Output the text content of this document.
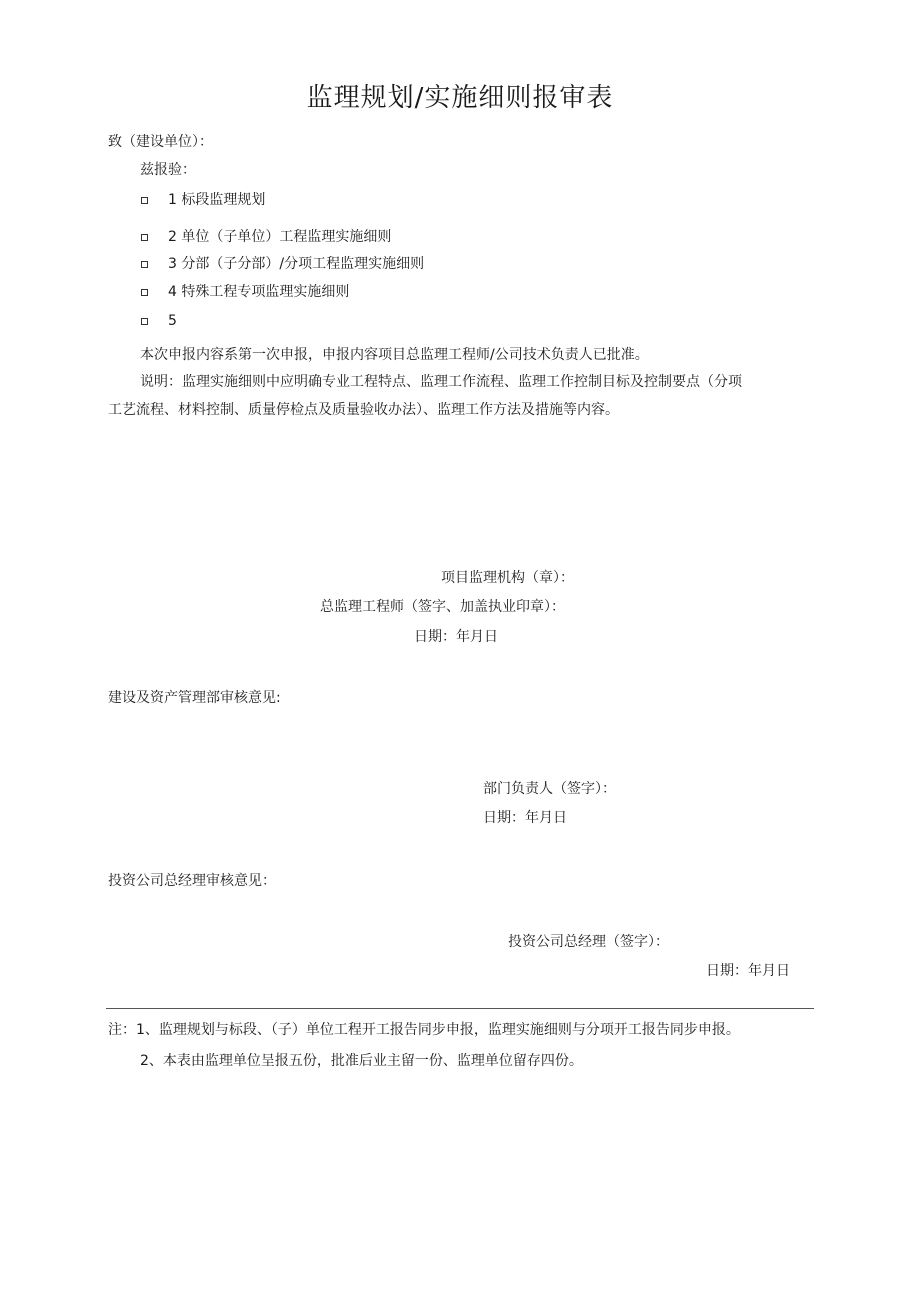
监理规划/实施细则报审表
致（建设单位）：
兹报验：
1 标段监理规划
2 单位（子单位）工程监理实施细则
3 分部（子分部）/分项工程监理实施细则
4 特殊工程专项监理实施细则
5
本次申报内容系第一次申报，申报内容项目总监理工程师/公司技术负责人已批准。
说明：监理实施细则中应明确专业工程特点、监理工作流程、监理工作控制目标及控制要点（分项
工艺流程、材料控制、质量停检点及质量验收办法）、监理工作方法及措施等内容。
项目监理机构（章）：
总监理工程师（签字、加盖执业印章）：
日期：年月日
建设及资产管理部审核意见:
部门负责人（签字）：
日期：年月日
投资公司总经理审核意见：
投资公司总经理（签字）：
日期：年月日
注：1、监理规划与标段、（子）单位工程开工报告同步申报，监理实施细则与分项开工报告同步申报。
2、本表由监理单位呈报五份，批准后业主留一份、监理单位留存四份。
